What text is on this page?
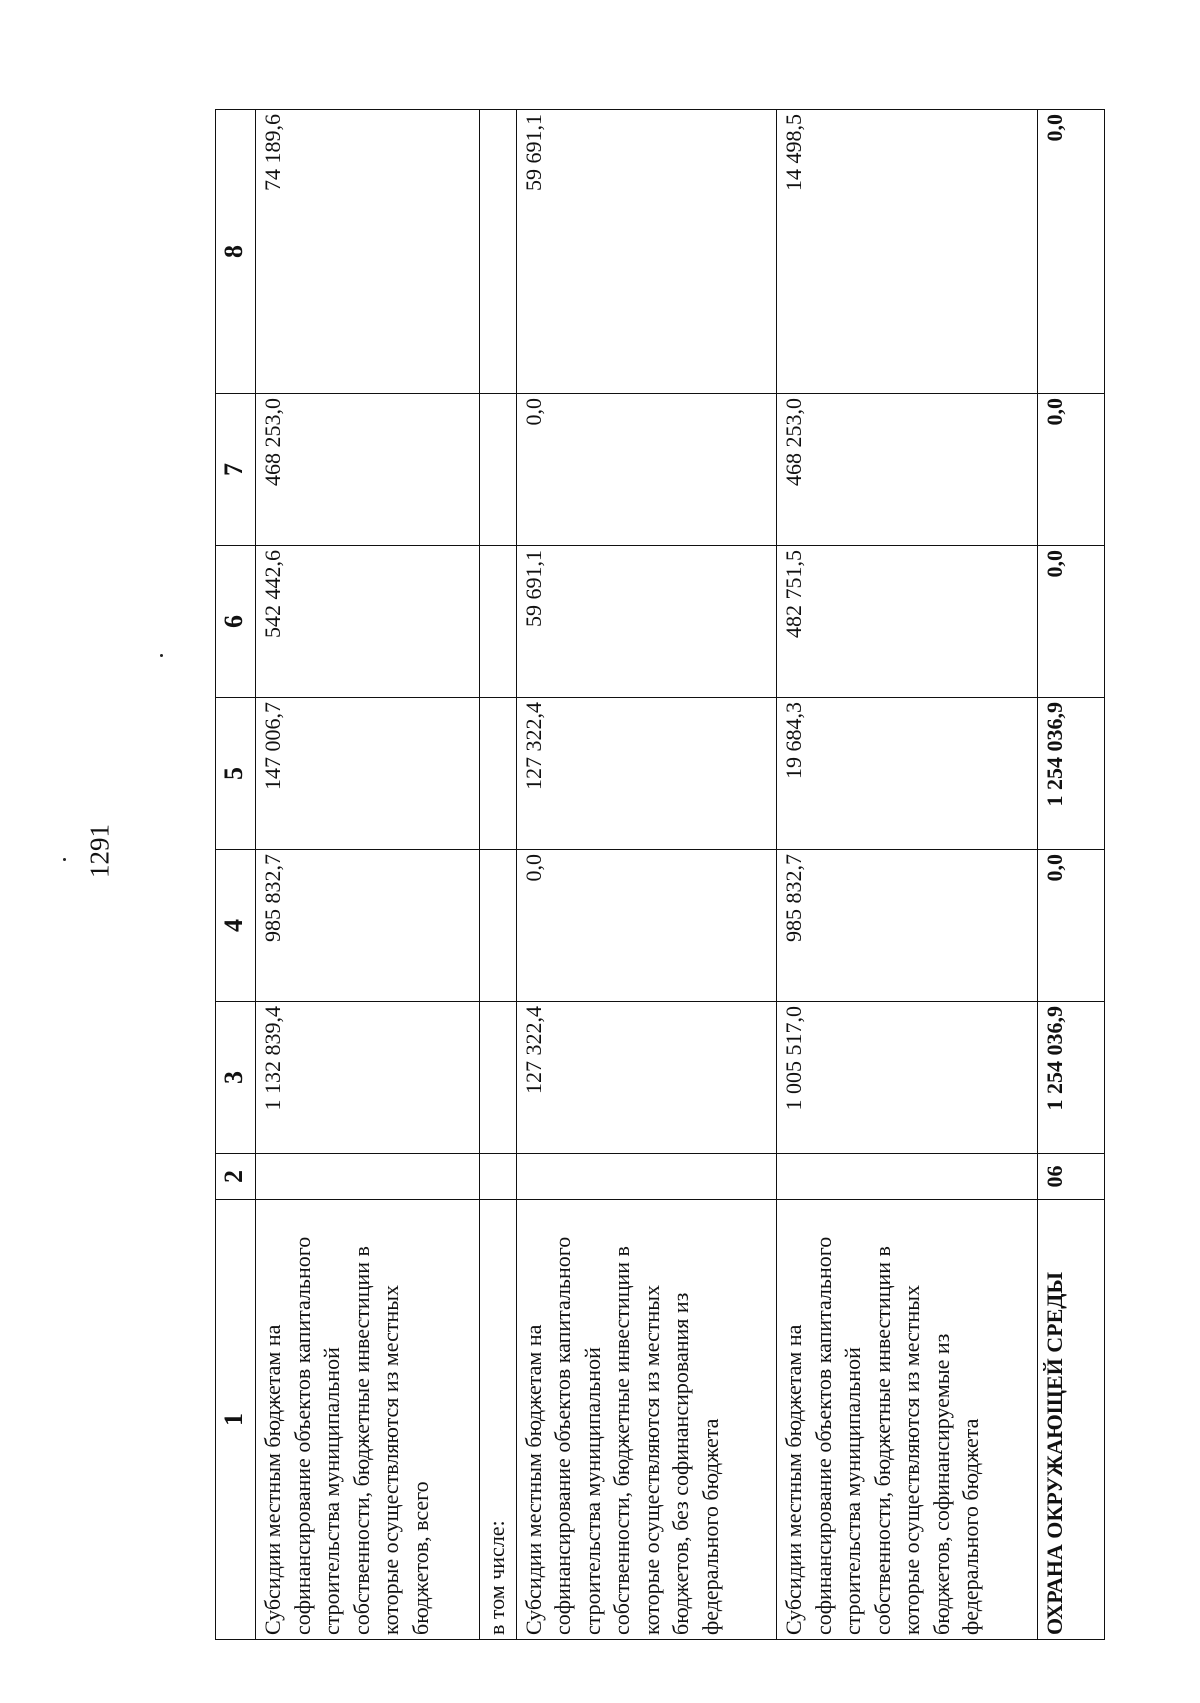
1291
1	2	3	4	5	6	7	8
Субсидии местным бюджетам на софинансирование объектов капитального строительства муниципальной собственности, бюджетные инвестиции в которые осуществляются из местных бюджетов, всего		1 132 839,4	985 832,7	147 006,7	542 442,6	468 253,0	74 189,6
в том числе:							
Субсидии местным бюджетам на софинансирование объектов капитального строительства муниципальной собственности, бюджетные инвестиции в которые осуществляются из местных бюджетов, без софинансирования из федерального бюджета		127 322,4	0,0	127 322,4	59 691,1	0,0	59 691,1
Субсидии местным бюджетам на софинансирование объектов капитального строительства муниципальной собственности, бюджетные инвестиции в которые осуществляются из местных бюджетов, софинансируемые из федерального бюджета		1 005 517,0	985 832,7	19 684,3	482 751,5	468 253,0	14 498,5
ОХРАНА ОКРУЖАЮЩЕЙ СРЕДЫ	06	1 254 036,9	0,0	1 254 036,9	0,0	0,0	0,0
